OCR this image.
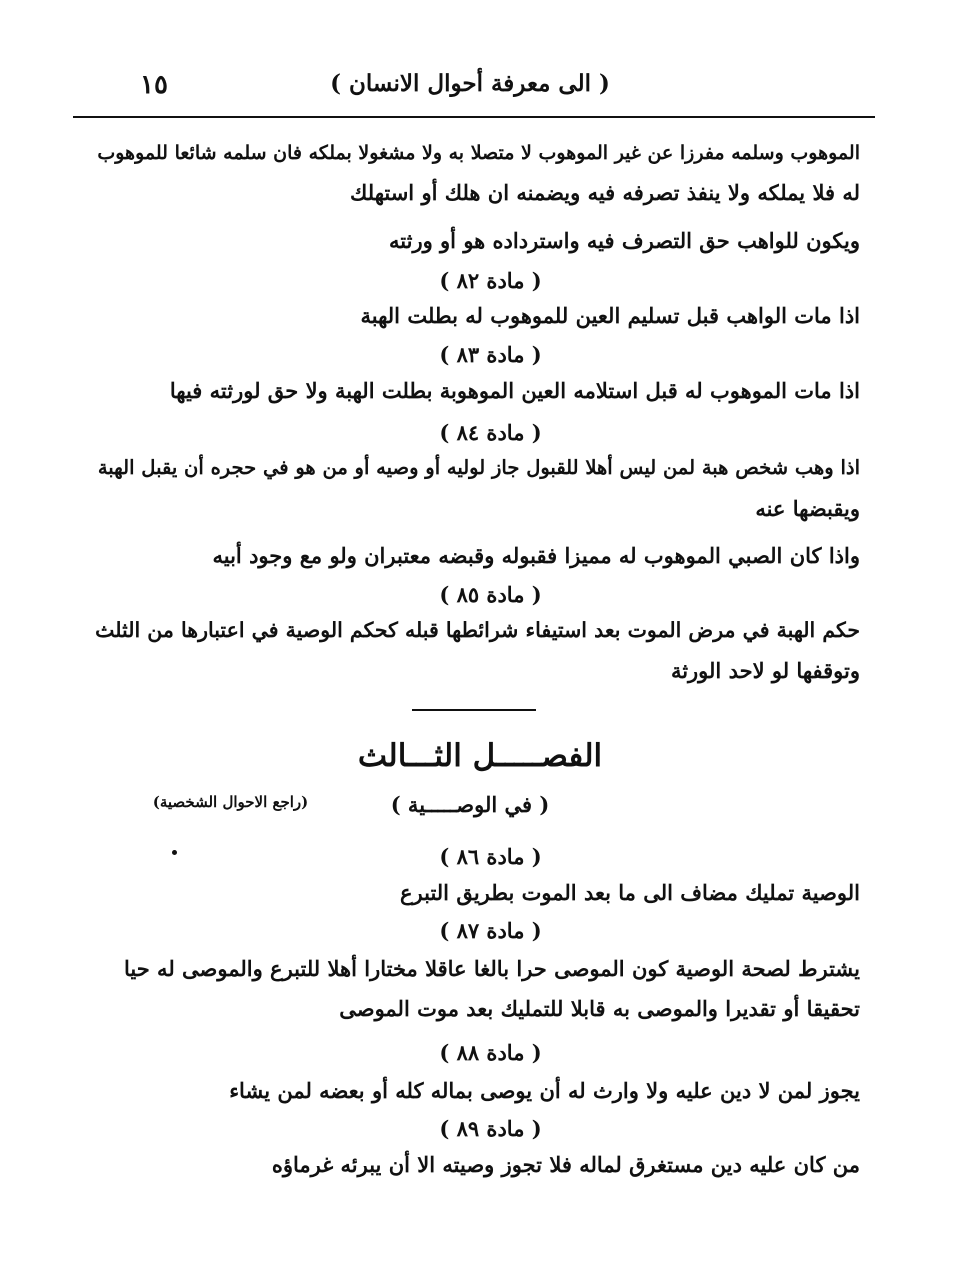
( الى معرفة أحوال الانسان )
١٥
الموهوب وسلمه مفرزا عن غير الموهوب لا متصلا به ولا مشغولا بملكه فان سلمه شائعا للموهوب
له فلا يملكه ولا ينفذ تصرفه فيه ويضمنه ان هلك أو استهلك
ويكون للواهب حق التصرف فيه واسترداده هو أو ورثته
( مادة ٨٢ )
اذا مات الواهب قبل تسليم العين للموهوب له بطلت الهبة
( مادة ٨٣ )
اذا مات الموهوب له قبل استلامه العين الموهوبة بطلت الهبة ولا حق لورثته فيها
( مادة ٨٤ )
اذا وهب شخص هبة لمن ليس أهلا للقبول جاز لوليه أو وصيه أو من هو في حجره أن يقبل الهبة
ويقبضها عنه
واذا كان الصبي الموهوب له مميزا فقبوله وقبضه معتبران ولو مع وجود أبيه
( مادة ٨٥ )
حكم الهبة في مرض الموت بعد استيفاء شرائطها قبله كحكم الوصية في اعتبارها من الثلث
وتوقفها لو لاحد الورثة
الفصـــــل الثـــالث
( في الوصـــــية )
(راجع الاحوال الشخصية)
( مادة ٨٦ )
الوصية تمليك مضاف الى ما بعد الموت بطريق التبرع
( مادة ٨٧ )
يشترط لصحة الوصية كون الموصى حرا بالغا عاقلا مختارا أهلا للتبرع والموصى له حيا
تحقيقا أو تقديرا والموصى به قابلا للتمليك بعد موت الموصى
( مادة ٨٨ )
يجوز لمن لا دين عليه ولا وارث له أن يوصى بماله كله أو بعضه لمن يشاء
( مادة ٨٩ )
من كان عليه دين مستغرق لماله فلا تجوز وصيته الا أن يبرئه غرماؤه
